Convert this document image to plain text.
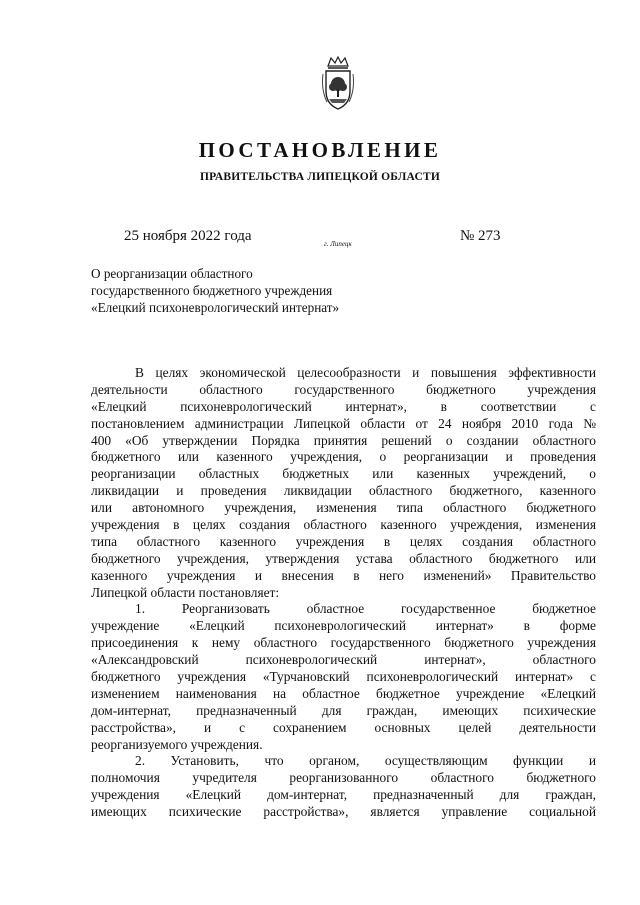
ПОСТАНОВЛЕНИЕ
ПРАВИТЕЛЬСТВА ЛИПЕЦКОЙ ОБЛАСТИ
25 ноября 2022 года	г. Липецк	№ 273
О реорганизации областного
государственного бюджетного учреждения
«Елецкий психоневрологический интернат»
В целях экономической целесообразности и повышения эффективности
деятельности областного государственного бюджетного учреждения
«Елецкий психоневрологический интернат», в соответствии с
постановлением администрации Липецкой области от 24 ноября 2010 года №
400 «Об утверждении Порядка принятия решений о создании областного
бюджетного или казенного учреждения, о реорганизации и проведения
реорганизации областных бюджетных или казенных учреждений, о
ликвидации и проведения ликвидации областного бюджетного, казенного
или автономного учреждения, изменения типа областного бюджетного
учреждения в целях создания областного казенного учреждения, изменения
типа областного казенного учреждения в целях создания областного
бюджетного учреждения, утверждения устава областного бюджетного или
казенного учреждения и внесения в него изменений» Правительство
Липецкой области постановляет:
1. Реорганизовать областное государственное бюджетное
учреждение «Елецкий психоневрологический интернат» в форме
присоединения к нему областного государственного бюджетного учреждения
«Александровский психоневрологический интернат», областного
бюджетного учреждения «Турчановский психоневрологический интернат» с
изменением наименования на областное бюджетное учреждение «Елецкий
дом-интернат, предназначенный для граждан, имеющих психические
расстройства», и с сохранением основных целей деятельности
реорганизуемого учреждения.
2. Установить, что органом, осуществляющим функции и
полномочия учредителя реорганизованного областного бюджетного
учреждения «Елецкий дом-интернат, предназначенный для граждан,
имеющих психические расстройства», является управление социальной
